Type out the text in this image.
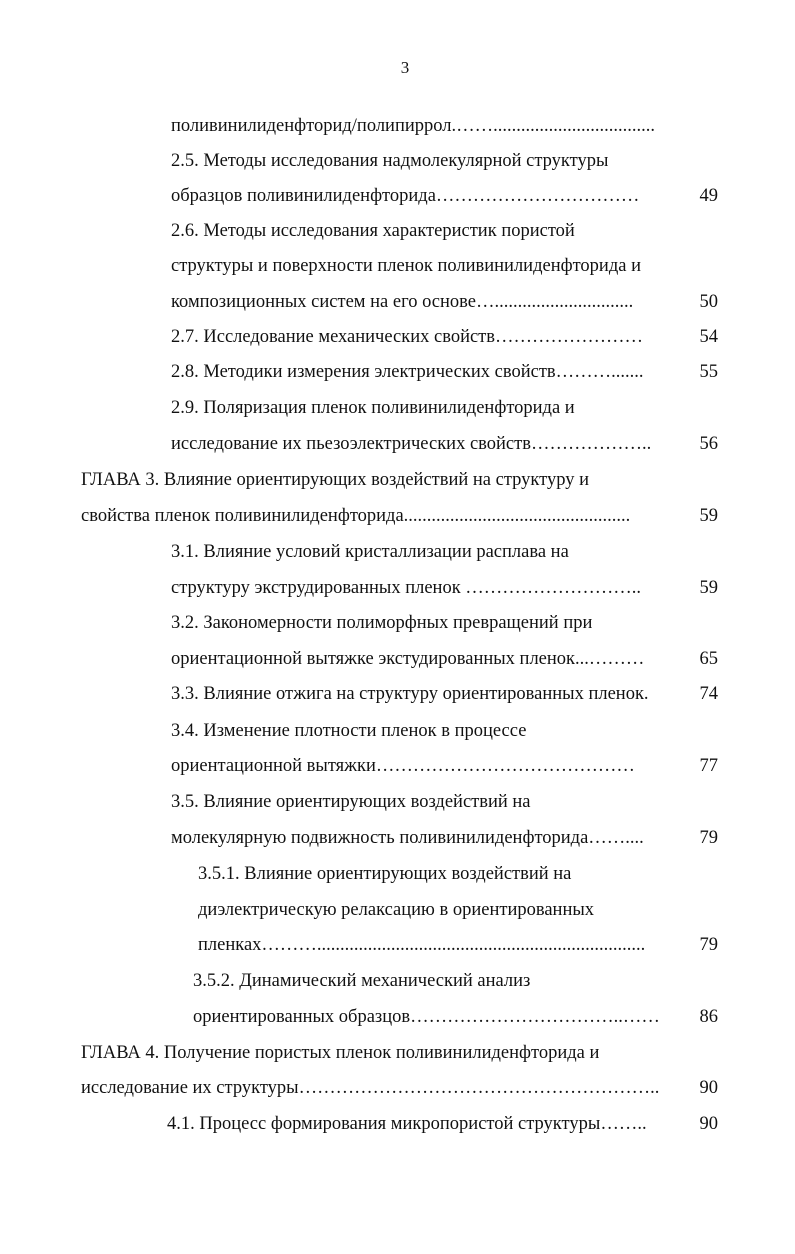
3
поливинилиденфторид/полипиррол.……...................................
2.5. Методы исследования надмолекулярной структуры
образцов поливинилиденфторида……………………………
2.6. Методы исследования характеристик пористой
структуры и поверхности пленок поливинилиденфторида и
композиционных систем на его основе…..............................
2.7. Исследование механических свойств……………………
2.8. Методики измерения электрических свойств……….......
2.9. Поляризация пленок поливинилиденфторида и
исследование их пьезоэлектрических свойств………………..
ГЛАВА 3. Влияние ориентирующих воздействий на структуру и
свойства пленок поливинилиденфторида.................................................
3.1. Влияние условий кристаллизации расплава на
структуру экструдированных пленок ………………………..
3.2. Закономерности полиморфных превращений при
ориентационной вытяжке экстудированных пленок...………
3.3. Влияние отжига на структуру ориентированных пленок.
3.4. Изменение плотности пленок в процессе
ориентационной вытяжки……………………………………
3.5. Влияние ориентирующих воздействий на
молекулярную подвижность поливинилиденфторида……....
3.5.1. Влияние ориентирующих воздействий на
диэлектрическую релаксацию в ориентированных
пленках……….......................................................................
3.5.2. Динамический механический анализ
ориентированных образцов……………………………..……
ГЛАВА 4. Получение пористых пленок поливинилиденфторида и
исследование их структуры…………………………………………………..
4.1. Процесс формирования микропористой структуры……..
49
50
54
55
56
59
59
65
74
77
79
79
86
90
90
